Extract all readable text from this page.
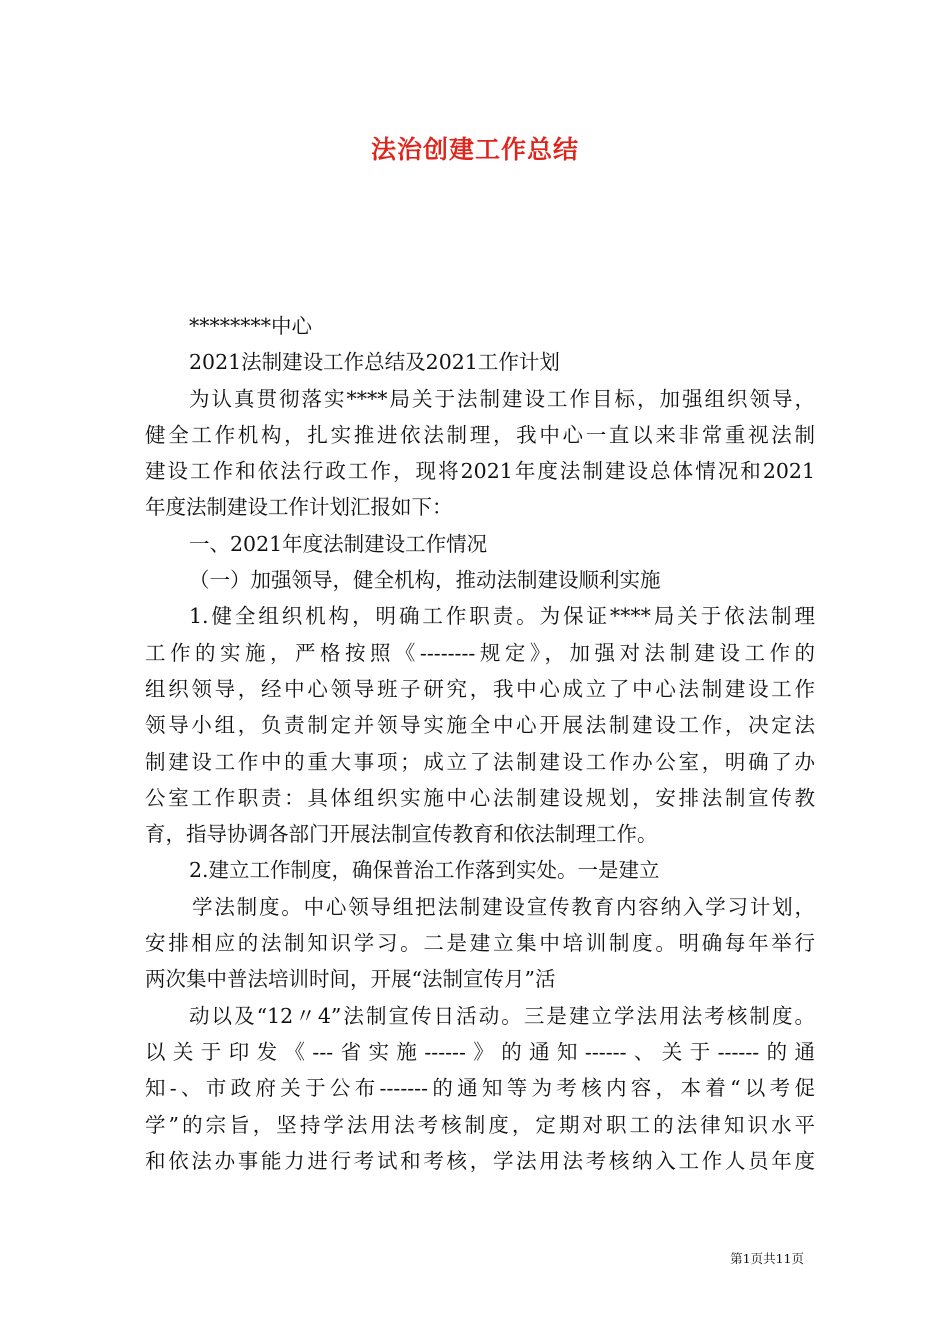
法治创建工作总结
********中心
2021法制建设工作总结及2021工作计划
为认真贯彻落实****局关于法制建设工作目标，加强组织领导，
健全工作机构，扎实推进依法制理，我中心一直以来非常重视法制
建设工作和依法行政工作，现将2021年度法制建设总体情况和2021
年度法制建设工作计划汇报如下：
一、2021年度法制建设工作情况
（一）加强领导，健全机构，推动法制建设顺利实施
1.健全组织机构，明确工作职责。为保证****局关于依法制理
工作的实施，严格按照《--------规定》，加强对法制建设工作的
组织领导，经中心领导班子研究，我中心成立了中心法制建设工作
领导小组，负责制定并领导实施全中心开展法制建设工作，决定法
制建设工作中的重大事项；成立了法制建设工作办公室，明确了办
公室工作职责：具体组织实施中心法制建设规划，安排法制宣传教
育，指导协调各部门开展法制宣传教育和依法制理工作。
2.建立工作制度，确保普治工作落到实处。一是建立
学法制度。中心领导组把法制建设宣传教育内容纳入学习计划，
安排相应的法制知识学习。二是建立集中培训制度。明确每年举行
两次集中普法培训时间，开展“法制宣传月”活
动以及“12〃4”法制宣传日活动。三是建立学法用法考核制度。
以关于印发《---省实施------》的通知------、关于------的通
知-、市政府关于公布-------的通知等为考核内容，本着“以考促
学”的宗旨，坚持学法用法考核制度，定期对职工的法律知识水平
和依法办事能力进行考试和考核，学法用法考核纳入工作人员年度
第1页共11页
